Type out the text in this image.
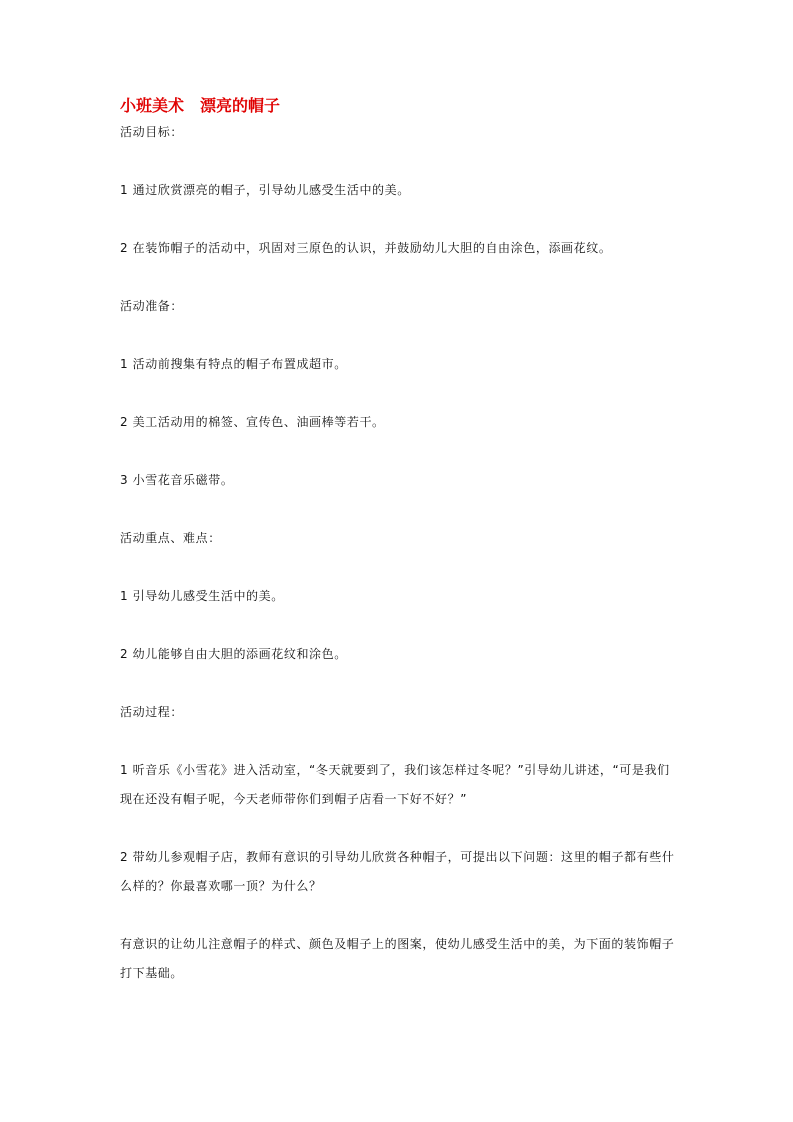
小班美术　漂亮的帽子
活动目标：
1 通过欣赏漂亮的帽子，引导幼儿感受生活中的美。
2 在装饰帽子的活动中，巩固对三原色的认识，并鼓励幼儿大胆的自由涂色，添画花纹。
活动准备：
1 活动前搜集有特点的帽子布置成超市。
2 美工活动用的棉签、宣传色、油画棒等若干。
3 小雪花音乐磁带。
活动重点、难点：
1 引导幼儿感受生活中的美。
2 幼儿能够自由大胆的添画花纹和涂色。
活动过程：
1 听音乐《小雪花》进入活动室，“冬天就要到了，我们该怎样过冬呢？”引导幼儿讲述，“可是我们现在还没有帽子呢，今天老师带你们到帽子店看一下好不好？”
2 带幼儿参观帽子店，教师有意识的引导幼儿欣赏各种帽子，可提出以下问题：这里的帽子都有些什么样的？你最喜欢哪一顶？为什么？
有意识的让幼儿注意帽子的样式、颜色及帽子上的图案，使幼儿感受生活中的美，为下面的装饰帽子打下基础。
